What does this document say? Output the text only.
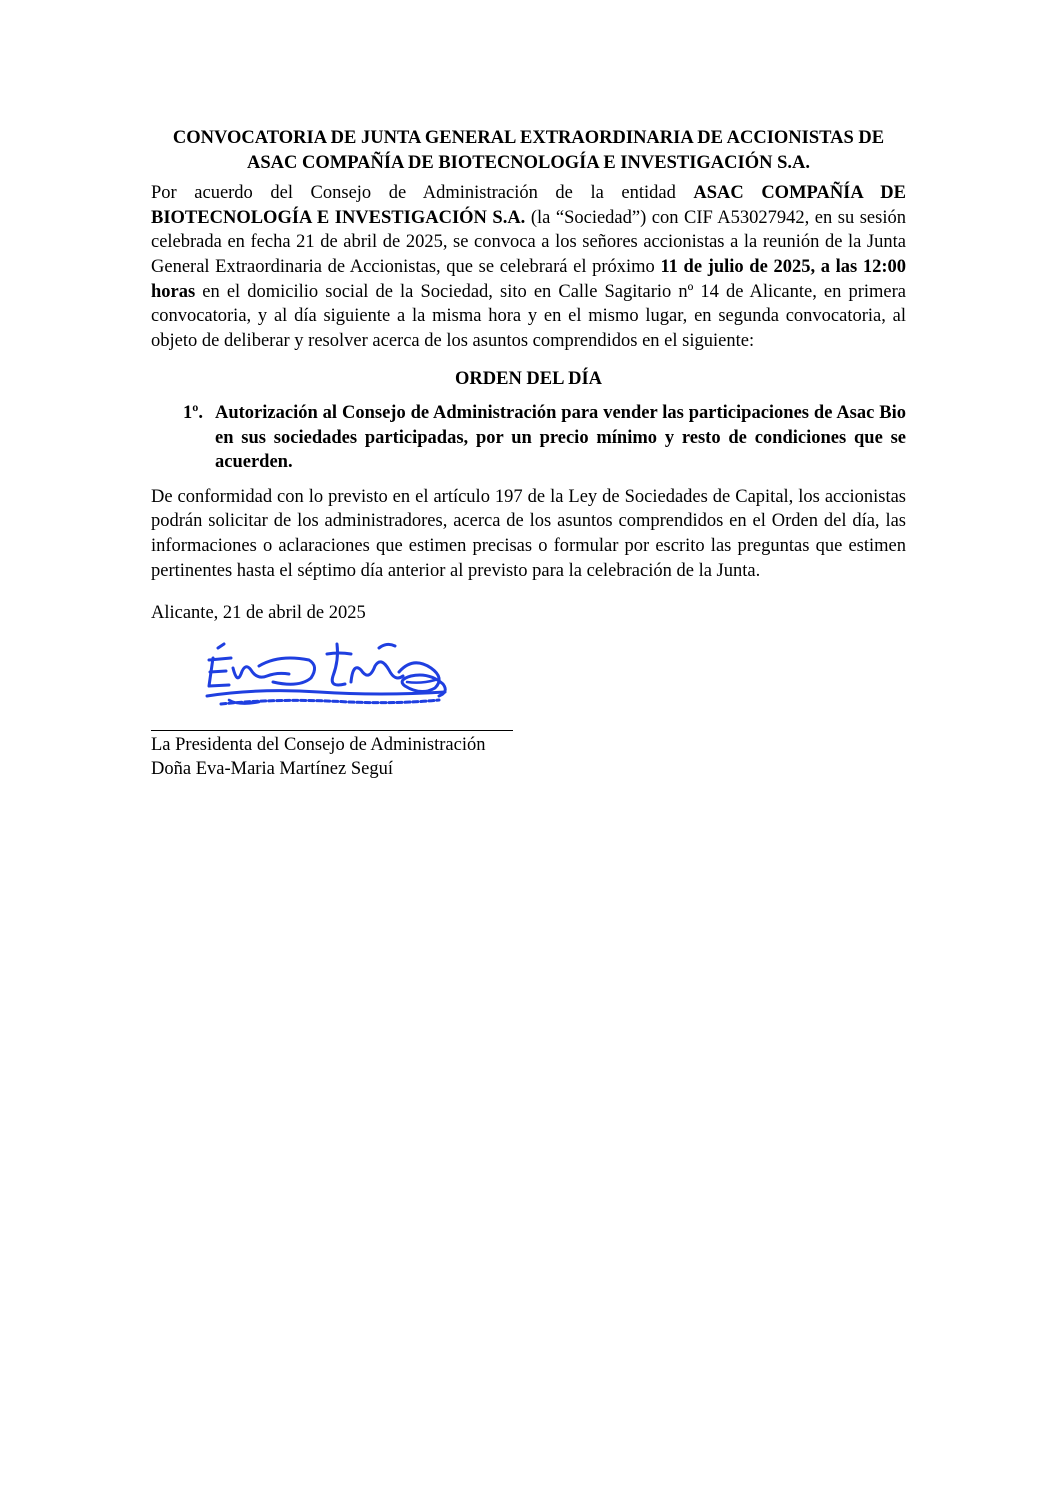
CONVOCATORIA DE JUNTA GENERAL EXTRAORDINARIA DE ACCIONISTAS DE
ASAC COMPAÑÍA DE BIOTECNOLOGÍA E INVESTIGACIÓN S.A.

Por acuerdo del Consejo de Administración de la entidad ASAC COMPAÑÍA DE BIOTECNOLOGÍA E INVESTIGACIÓN S.A. (la “Sociedad”) con CIF A53027942, en su sesión celebrada en fecha 21 de abril de 2025, se convoca a los señores accionistas a la reunión de la Junta General Extraordinaria de Accionistas, que se celebrará el próximo 11 de julio de 2025, a las 12:00 horas en el domicilio social de la Sociedad, sito en Calle Sagitario nº 14 de Alicante, en primera convocatoria, y al día siguiente a la misma hora y en el mismo lugar, en segunda convocatoria, al objeto de deliberar y resolver acerca de los asuntos comprendidos en el siguiente:

ORDEN DEL DÍA
1º. Autorización al Consejo de Administración para vender las participaciones de Asac Bio en sus sociedades participadas, por un precio mínimo y resto de condiciones que se acuerden.

De conformidad con lo previsto en el artículo 197 de la Ley de Sociedades de Capital, los accionistas podrán solicitar de los administradores, acerca de los asuntos comprendidos en el Orden del día, las informaciones o aclaraciones que estimen precisas o formular por escrito las preguntas que estimen pertinentes hasta el séptimo día anterior al previsto para la celebración de la Junta.

Alicante, 21 de abril de 2025

La Presidenta del Consejo de Administración
Doña Eva-Maria Martínez Seguí
